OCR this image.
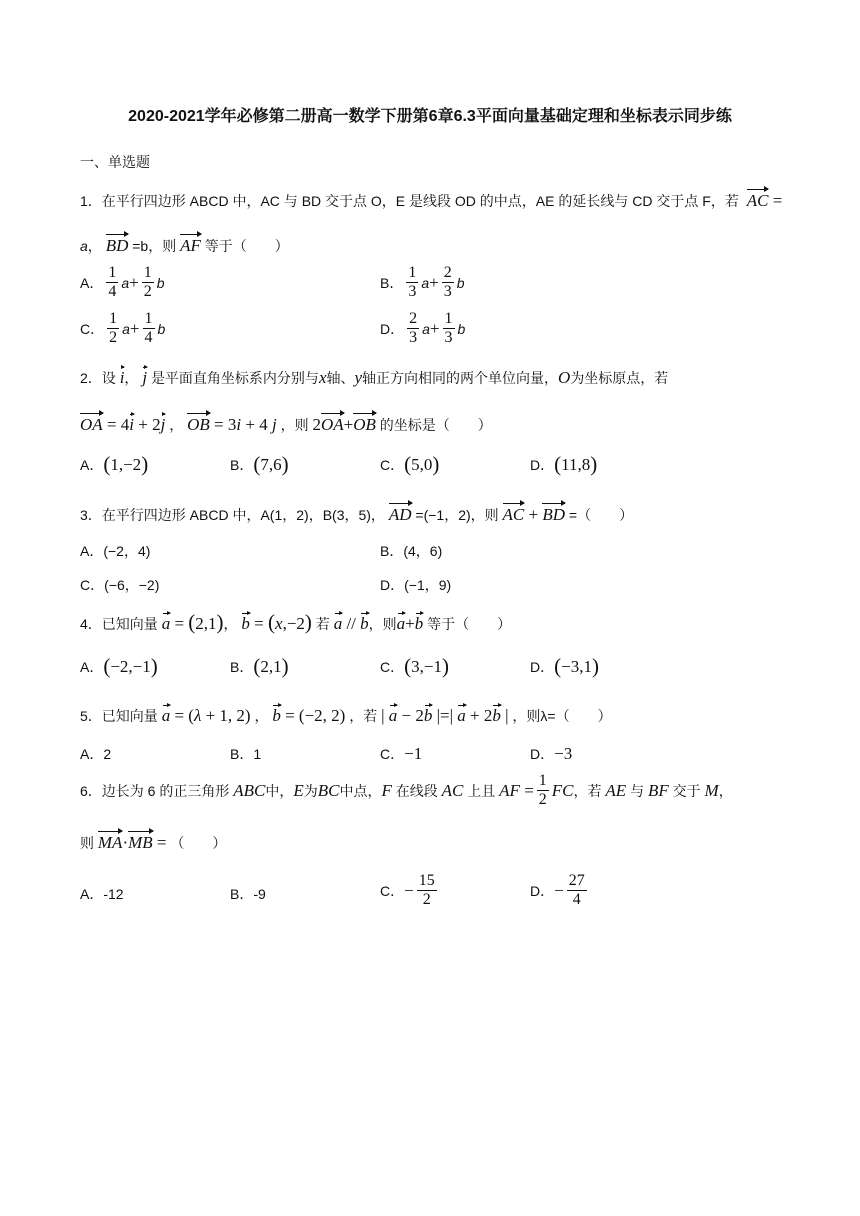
2020-2021学年必修第二册高一数学下册第6章6.3平面向量基础定理和坐标表示同步练
一、单选题
1．在平行四边形 ABCD 中，AC 与 BD 交于点 O，E 是线段 OD 的中点，AE 的延长线与 CD 交于点 F，若 AC =
a， BD =b，则 AF 等于（　　）
A． $\frac{1}{4}$ $a + \frac{1}{2}$ b	B． $\frac{1}{3}$ $a + \frac{2}{3}$ b
C． $\frac{1}{2}$ $a + \frac{1}{4}$ b	D． $\frac{2}{3}$ $a + \frac{1}{3}$ b
2．设 i， j 是平面直角坐标系内分别与x轴、y轴正方向相同的两个单位向量，O为坐标原点，若
OA = 4i + 2j ， OB = 3i + 4 j ，则 2OA+OB 的坐标是（　　）
A． ( 1,−2 )	B． ( 7,6 )	C． ( 5,0 )	D． ( 11,8 )
3．在平行四边形 ABCD 中，A(1，2)，B(3，5)， AD =(−1，2)，则 AC + BD =（　　）
A． (−2，4)	B． (4，6)
C． (−6，−2)	D． (−1，9)
4．已知向量 a = (2,1)， b = (x,−2) 若 a // b，则a+b 等于（　　）
A． ( −2,−1 )	B． ( 2,1 )	C． ( 3,−1 )	D． ( −3,1 )
5．已知向量 a = (λ + 1, 2) ， b = (−2, 2) ，若 | a − 2b |=| a + 2b | ，则λ=（　　）
A． 2	B． 1	C． −1	D． −3
6．边长为 6 的正三角形
ABC 中， E 为 BC 中点， F
在线段
AC
上且
AF = $\frac{1}{2}$ FC ，若
AE
与
BF
交于
M ，
则 MA·MB = （　　）
A． -12	B． -9	C． − $\frac{15}{2}$	D． − $\frac{27}{4}$
